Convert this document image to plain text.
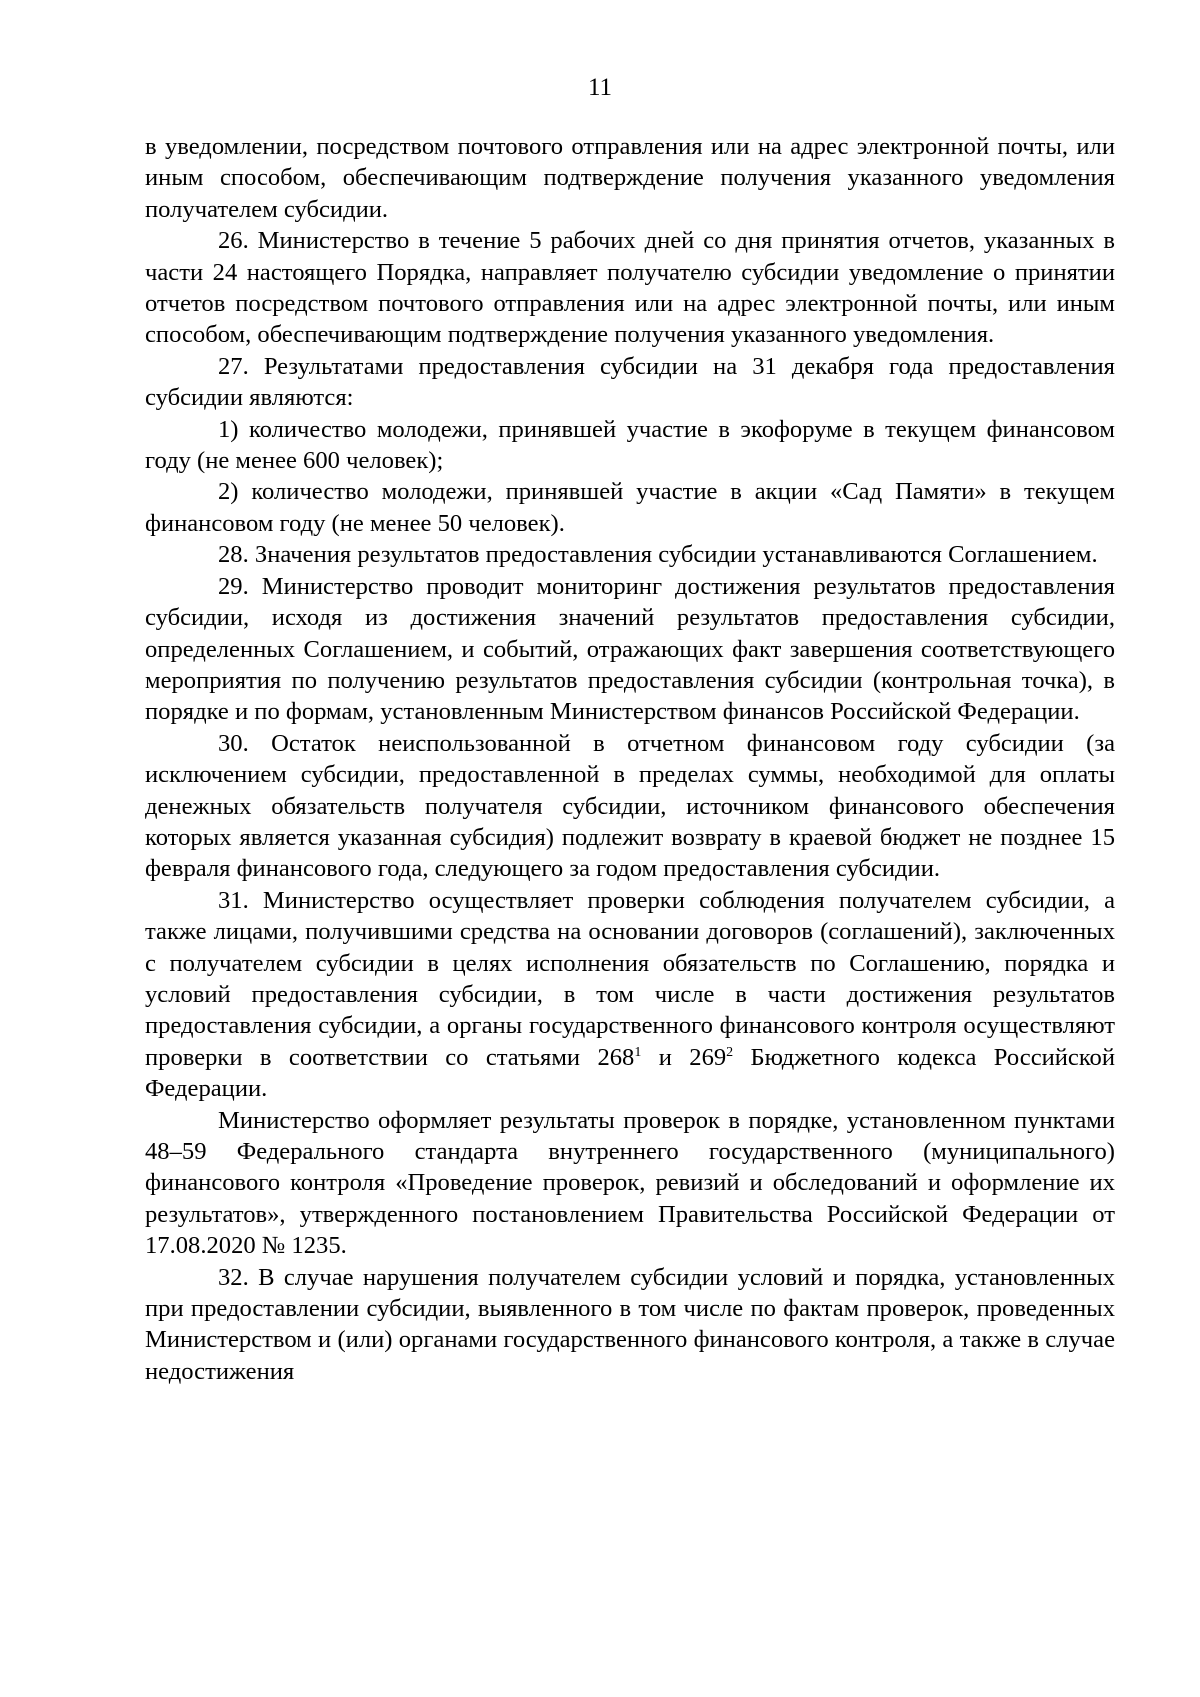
11

в уведомлении, посредством почтового отправления или на адрес электронной почты, или иным способом, обеспечивающим подтверждение получения указанного уведомления получателем субсидии.

26. Министерство в течение 5 рабочих дней со дня принятия отчетов, указанных в части 24 настоящего Порядка, направляет получателю субсидии уведомление о принятии отчетов посредством почтового отправления или на адрес электронной почты, или иным способом, обеспечивающим подтверждение получения указанного уведомления.

27. Результатами предоставления субсидии на 31 декабря года предоставления субсидии являются:

1) количество молодежи, принявшей участие в экофоруме в текущем финансовом году (не менее 600 человек);

2) количество молодежи, принявшей участие в акции «Сад Памяти» в текущем финансовом году (не менее 50 человек).

28. Значения результатов предоставления субсидии устанавливаются Соглашением.

29. Министерство проводит мониторинг достижения результатов предоставления субсидии, исходя из достижения значений результатов предоставления субсидии, определенных Соглашением, и событий, отражающих факт завершения соответствующего мероприятия по получению результатов предоставления субсидии (контрольная точка), в порядке и по формам, установленным Министерством финансов Российской Федерации.

30. Остаток неиспользованной в отчетном финансовом году субсидии (за исключением субсидии, предоставленной в пределах суммы, необходимой для оплаты денежных обязательств получателя субсидии, источником финансового обеспечения которых является указанная субсидия) подлежит возврату в краевой бюджет не позднее 15 февраля финансового года, следующего за годом предоставления субсидии.

31. Министерство осуществляет проверки соблюдения получателем субсидии, а также лицами, получившими средства на основании договоров (соглашений), заключенных с получателем субсидии в целях исполнения обязательств по Соглашению, порядка и условий предоставления субсидии, в том числе в части достижения результатов предоставления субсидии, а органы государственного финансового контроля осуществляют проверки в соответствии со статьями $268^1$ и $269^2$ Бюджетного кодекса Российской Федерации.

Министерство оформляет результаты проверок в порядке, установленном пунктами 48–59 Федерального стандарта внутреннего государственного (муниципального) финансового контроля «Проведение проверок, ревизий и обследований и оформление их результатов», утвержденного постановлением Правительства Российской Федерации от 17.08.2020 № 1235.

32. В случае нарушения получателем субсидии условий и порядка, установленных при предоставлении субсидии, выявленного в том числе по фактам проверок, проведенных Министерством и (или) органами государственного финансового контроля, а также в случае недостижения
